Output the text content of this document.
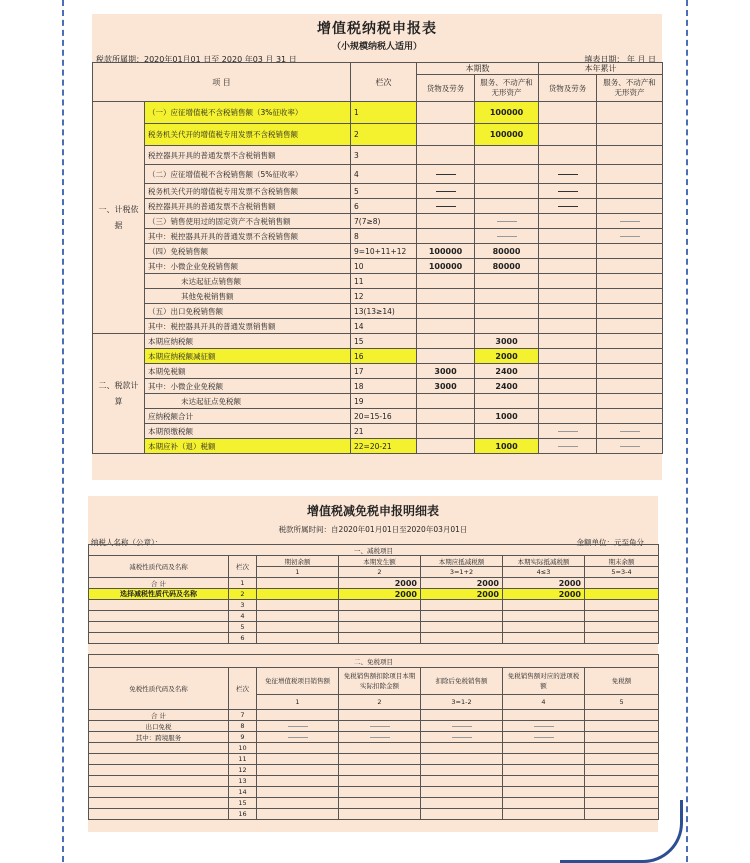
增值税纳税申报表
（小规模纳税人适用）
税款所属期：2020年01月01 日至 2020 年03 月 31 日	填表日期： 年 月 日
项 目		栏次	本期数		本年累计	
			货物及劳务	服务、不动产和无形资产	货物及劳务	服务、不动产和无形资产
一、计税依据	（一）应征增值税不含税销售额（3%征收率）	1		100000		
	税务机关代开的增值税专用发票不含税销售额	2		100000		
	税控器具开具的普通发票不含税销售额	3				
	（二）应征增值税不含税销售额（5%征收率）	4				
	税务机关代开的增值税专用发票不含税销售额	5				
	税控器具开具的普通发票不含税销售额	6				
	（三）销售使用过的固定资产不含税销售额	7(7≥8)				
	其中：税控器具开具的普通发票不含税销售额	8				
	（四）免税销售额	9=10+11+12	100000	80000		
	其中：小微企业免税销售额	10	100000	80000		
	未达起征点销售额	11				
	其他免税销售额	12				
	（五）出口免税销售额	13(13≥14)				
	其中：税控器具开具的普通发票销售额	14				
二、税款计算	本期应纳税额	15		3000		
	本期应纳税额减征额	16		2000		
	本期免税额	17	3000	2400		
	其中：小微企业免税额	18	3000	2400		
	未达起征点免税额	19				
	应纳税额合计	20=15-16		1000		
	本期预缴税额	21				
	本期应补（退）税额	22=20-21		1000		
增值税减免税申报明细表
税款所属时间：自2020年01月01日至2020年03月01日
纳税人名称（公章）：	金额单位：元至角分
一、减税项目						
减税性质代码及名称	栏次	期初余额	本期发生额	本期应抵减税额	本期实际抵减税额	期末余额
		1	2	3=1+2	4≤3	5=3-4
合 计	1		2000	2000	2000	
选择减税性质代码及名称	2		2000	2000	2000	
	3					
	4					
	5					
	6					
二、免税项目						
免税性质代码及名称	栏次	免征增值税项目销售额	免税销售额扣除项目本期实际扣除金额	扣除后免税销售额	免税销售额对应的进项税额	免税额
		1	2	3=1-2	4	5
合 计	7					
出口免税	8					
其中：跨境服务	9					
	10					
	11					
	12					
	13					
	14					
	15					
	16					
